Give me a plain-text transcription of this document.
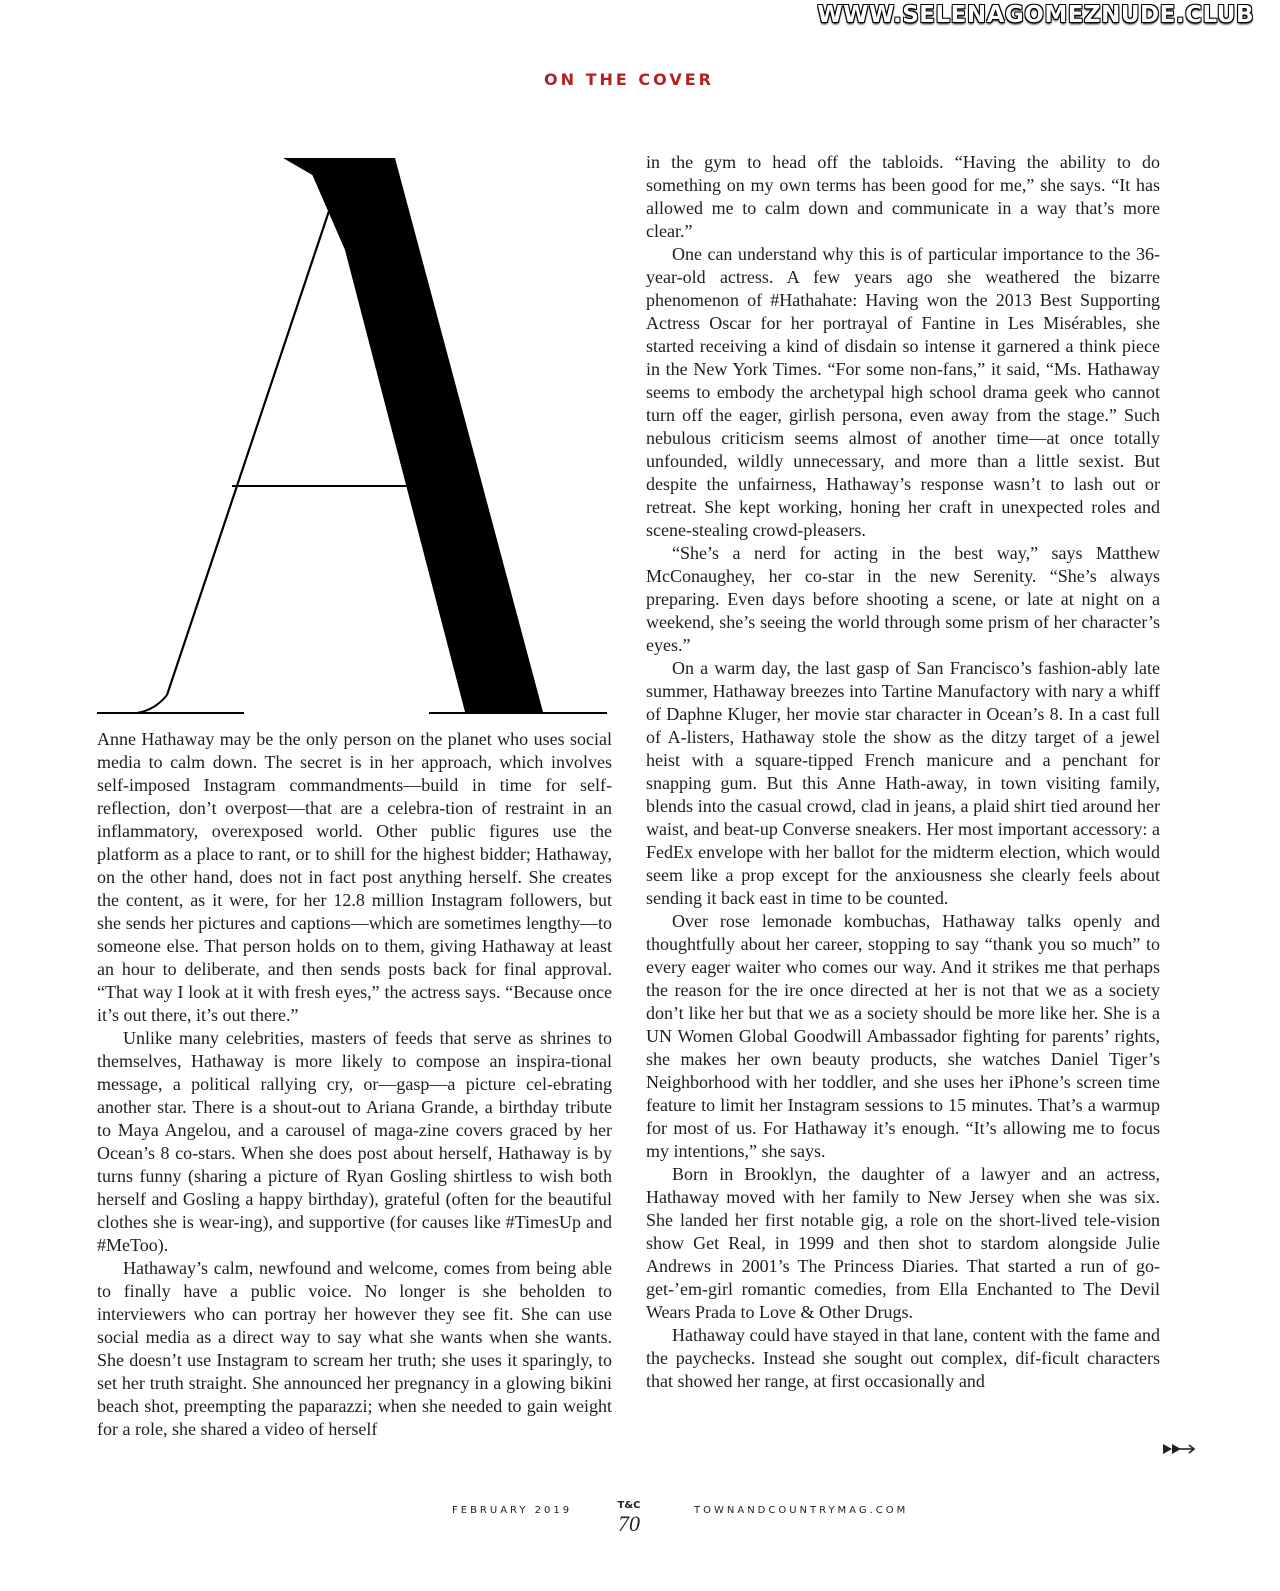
WWW.SELENAGOMEZNUDE.CLUB
ON THE COVER

Anne Hathaway may be the only person on the planet who uses social media to calm down. The secret is in her approach, which involves self-imposed Instagram commandments—build in time for self-reflection, don’t overpost—that are a celebra-tion of restraint in an inflammatory, overexposed world. Other public figures use the platform as a place to rant, or to shill for the highest bidder; Hathaway, on the other hand, does not in fact post anything herself. She creates the content, as it were, for her 12.8 million Instagram followers, but she sends her pictures and captions—which are sometimes lengthy—to someone else. That person holds on to them, giving Hathaway at least an hour to deliberate, and then sends posts back for final approval. “That way I look at it with fresh eyes,” the actress says. “Because once it’s out there, it’s out there.”

Unlike many celebrities, masters of feeds that serve as shrines to themselves, Hathaway is more likely to compose an inspira-tional message, a political rallying cry, or—gasp—a picture cel-ebrating another star. There is a shout-out to Ariana Grande, a birthday tribute to Maya Angelou, and a carousel of maga-zine covers graced by her Ocean’s 8 co-stars. When she does post about herself, Hathaway is by turns funny (sharing a picture of Ryan Gosling shirtless to wish both herself and Gosling a happy birthday), grateful (often for the beautiful clothes she is wear-ing), and supportive (for causes like #TimesUp and #MeToo).

Hathaway’s calm, newfound and welcome, comes from being able to finally have a public voice. No longer is she beholden to interviewers who can portray her however they see fit. She can use social media as a direct way to say what she wants when she wants. She doesn’t use Instagram to scream her truth; she uses it sparingly, to set her truth straight. She announced her pregnancy in a glowing bikini beach shot, preempting the paparazzi; when she needed to gain weight for a role, she shared a video of herself

in the gym to head off the tabloids. “Having the ability to do something on my own terms has been good for me,” she says. “It has allowed me to calm down and communicate in a way that’s more clear.”

One can understand why this is of particular importance to the 36-year-old actress. A few years ago she weathered the bizarre phenomenon of #Hathahate: Having won the 2013 Best Supporting Actress Oscar for her portrayal of Fantine in Les Misérables, she started receiving a kind of disdain so intense it garnered a think piece in the New York Times. “For some non-fans,” it said, “Ms. Hathaway seems to embody the archetypal high school drama geek who cannot turn off the eager, girlish persona, even away from the stage.” Such nebulous criticism seems almost of another time—at once totally unfounded, wildly unnecessary, and more than a little sexist. But despite the unfairness, Hathaway’s response wasn’t to lash out or retreat. She kept working, honing her craft in unexpected roles and scene-stealing crowd-pleasers.

“She’s a nerd for acting in the best way,” says Matthew McConaughey, her co-star in the new Serenity. “She’s always preparing. Even days before shooting a scene, or late at night on a weekend, she’s seeing the world through some prism of her character’s eyes.”

On a warm day, the last gasp of San Francisco’s fashion-ably late summer, Hathaway breezes into Tartine Manufactory with nary a whiff of Daphne Kluger, her movie star character in Ocean’s 8. In a cast full of A-listers, Hathaway stole the show as the ditzy target of a jewel heist with a square-tipped French manicure and a penchant for snapping gum. But this Anne Hath-away, in town visiting family, blends into the casual crowd, clad in jeans, a plaid shirt tied around her waist, and beat-up Converse sneakers. Her most important accessory: a FedEx envelope with her ballot for the midterm election, which would seem like a prop except for the anxiousness she clearly feels about sending it back east in time to be counted.

Over rose lemonade kombuchas, Hathaway talks openly and thoughtfully about her career, stopping to say “thank you so much” to every eager waiter who comes our way. And it strikes me that perhaps the reason for the ire once directed at her is not that we as a society don’t like her but that we as a society should be more like her. She is a UN Women Global Goodwill Ambassador fighting for parents’ rights, she makes her own beauty products, she watches Daniel Tiger’s Neighborhood with her toddler, and she uses her iPhone’s screen time feature to limit her Instagram sessions to 15 minutes. That’s a warmup for most of us. For Hathaway it’s enough. “It’s allowing me to focus my intentions,” she says.

Born in Brooklyn, the daughter of a lawyer and an actress, Hathaway moved with her family to New Jersey when she was six. She landed her first notable gig, a role on the short-lived tele-vision show Get Real, in 1999 and then shot to stardom alongside Julie Andrews in 2001’s The Princess Diaries. That started a run of go-get-’em-girl romantic comedies, from Ella Enchanted to The Devil Wears Prada to Love & Other Drugs.

Hathaway could have stayed in that lane, content with the fame and the paychecks. Instead she sought out complex, dif-ficult characters that showed her range, at first occasionally and

FEBRUARY 2019	T&C
70
TOWNANDCOUNTRYMAG.COM
